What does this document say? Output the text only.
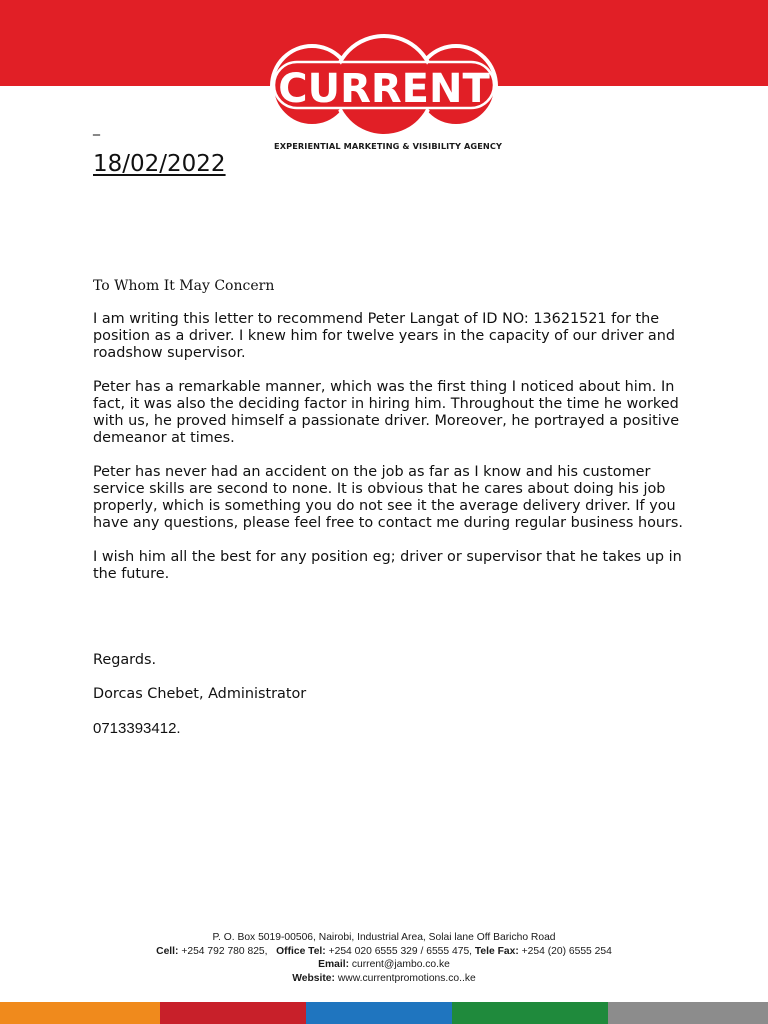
CURRENT
EXPERIENTIAL MARKETING & VISIBILITY AGENCY
_
18/02/2022
To Whom It May Concern

I am writing this letter to recommend Peter Langat of ID NO: 13621521 for the position as a driver. I knew him for twelve years in the capacity of our driver and roadshow supervisor.

Peter has a remarkable manner, which was the first thing I noticed about him. In fact, it was also the deciding factor in hiring him. Throughout the time he worked with us, he proved himself a passionate driver. Moreover, he portrayed a positive demeanor at times.

Peter has never had an accident on the job as far as I know and his customer service skills are second to none. It is obvious that he cares about doing his job properly, which is something you do not see it the average delivery driver. If you have any questions, please feel free to contact me during regular business hours.

I wish him all the best for any position eg; driver or supervisor that he takes up in the future.

Regards.
Dorcas Chebet, Administrator
0713393412.
P. O. Box 5019-00506, Nairobi, Industrial Area, Solai lane Off Baricho Road
Cell: +254 792 780 825, Office Tel: +254 020 6555 329 / 6555 475, Tele Fax: +254 (20) 6555 254
Email: current@jambo.co.ke
Website: www.currentpromotions.co..ke
